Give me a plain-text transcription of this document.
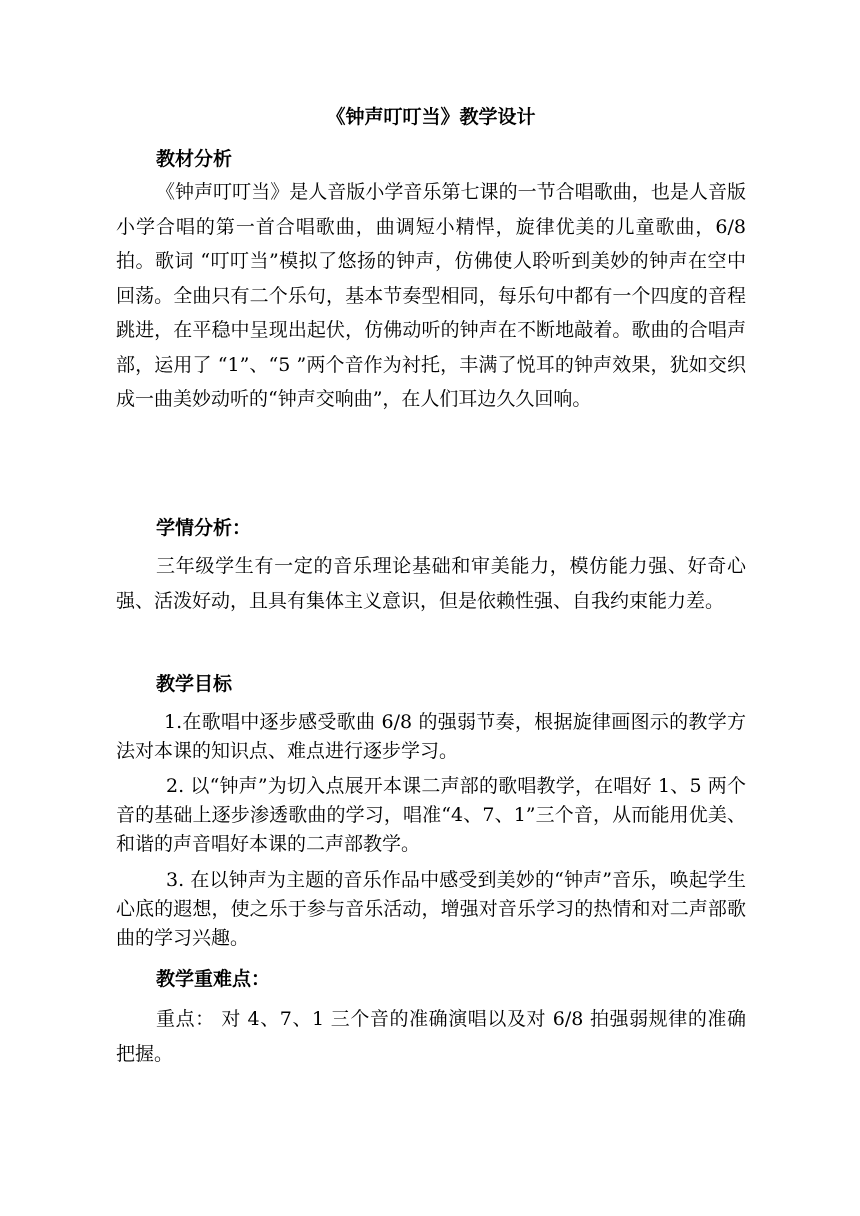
《钟声叮叮当》教学设计

教材分析

《钟声叮叮当》是人音版小学音乐第七课的一节合唱歌曲，也是人音版小学合唱的第一首合唱歌曲，曲调短小精悍，旋律优美的儿童歌曲，6/8 拍。歌词 “叮叮当”模拟了悠扬的钟声，仿佛使人聆听到美妙的钟声在空中回荡。全曲只有二个乐句，基本节奏型相同，每乐句中都有一个四度的音程跳进，在平稳中呈现出起伏，仿佛动听的钟声在不断地敲着。歌曲的合唱声部，运用了 “1”、“5 ”两个音作为衬托，丰满了悦耳的钟声效果，犹如交织成一曲美妙动听的“钟声交响曲”，在人们耳边久久回响。

学情分析：

三年级学生有一定的音乐理论基础和审美能力，模仿能力强、好奇心强、活泼好动，且具有集体主义意识，但是依赖性强、自我约束能力差。

教学目标

1.在歌唱中逐步感受歌曲 6/8 的强弱节奏，根据旋律画图示的教学方法对本课的知识点、难点进行逐步学习。

2. 以“钟声”为切入点展开本课二声部的歌唱教学，在唱好 1、5 两个音的基础上逐步渗透歌曲的学习，唱准“4、7、1”三个音，从而能用优美、和谐的声音唱好本课的二声部教学。

3. 在以钟声为主题的音乐作品中感受到美妙的“钟声”音乐，唤起学生心底的遐想，使之乐于参与音乐活动，增强对音乐学习的热情和对二声部歌曲的学习兴趣。

教学重难点：

重点： 对 4、7、1 三个音的准确演唱以及对 6/8 拍强弱规律的准确把握。
